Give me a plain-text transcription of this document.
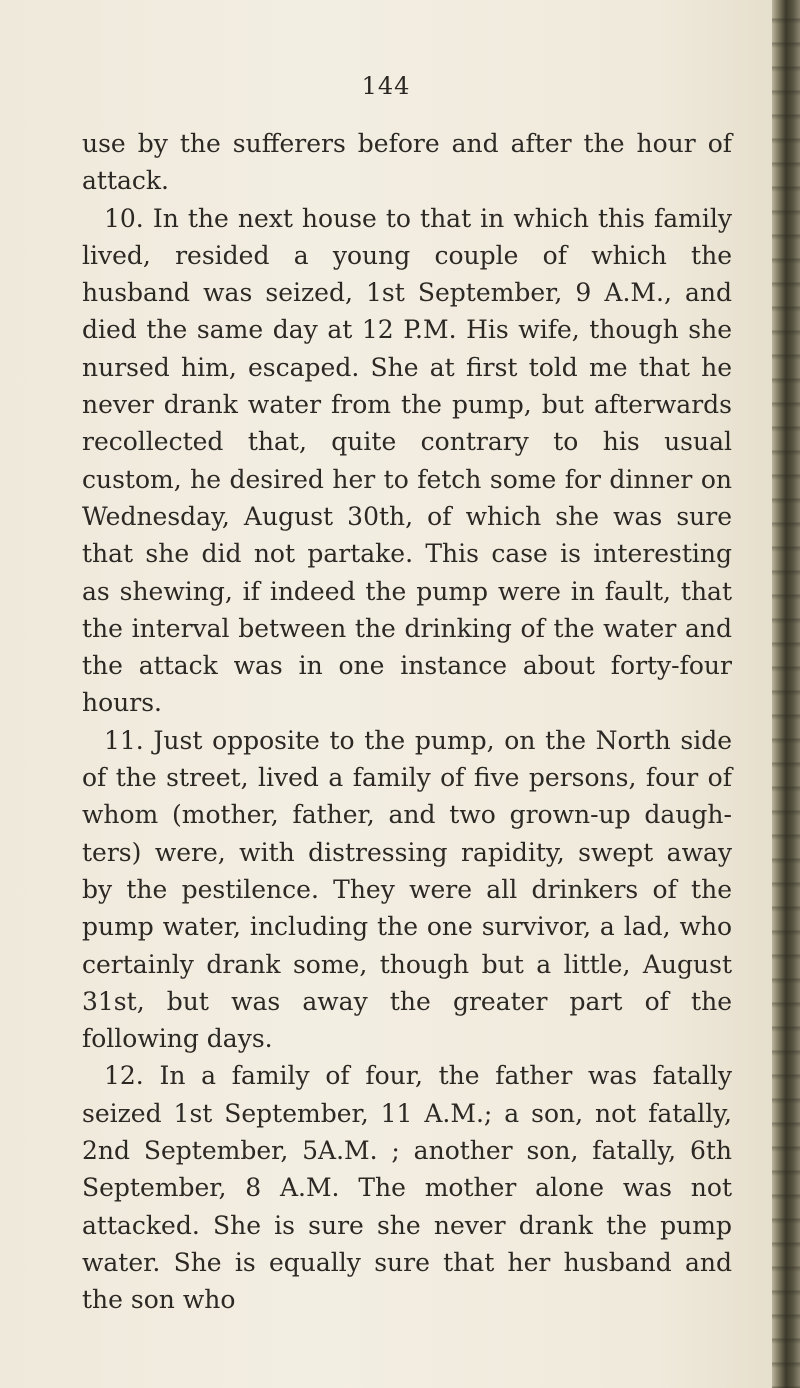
144

use by the sufferers before and after the hour of attack.

10. In the next house to that in which this family lived, resided a young couple of which the husband was seized, 1st September, 9 A.M., and died the same day at 12 P.M. His wife, though she nursed him, escaped. She at first told me that he never drank water from the pump, but afterwards recollected that, quite contrary to his usual custom, he desired her to fetch some for dinner on Wednesday, August 30th, of which she was sure that she did not partake. This case is interesting as shewing, if indeed the pump were in fault, that the interval between the drinking of the water and the attack was in one instance about forty-four hours.

11. Just opposite to the pump, on the North side of the street, lived a family of five persons, four of whom (mother, father, and two grown-up daughters) were, with distressing rapidity, swept away by the pestilence. They were all drinkers of the pump water, including the one survivor, a lad, who certainly drank some, though but a little, August 31st, but was away the greater part of the following days.

12. In a family of four, the father was fatally seized 1st September, 11 A.M.; a son, not fatally, 2nd September, 5A.M. ; another son, fatally, 6th September, 8 A.M. The mother alone was not attacked. She is sure she never drank the pump water. She is equally sure that her husband and the son who
